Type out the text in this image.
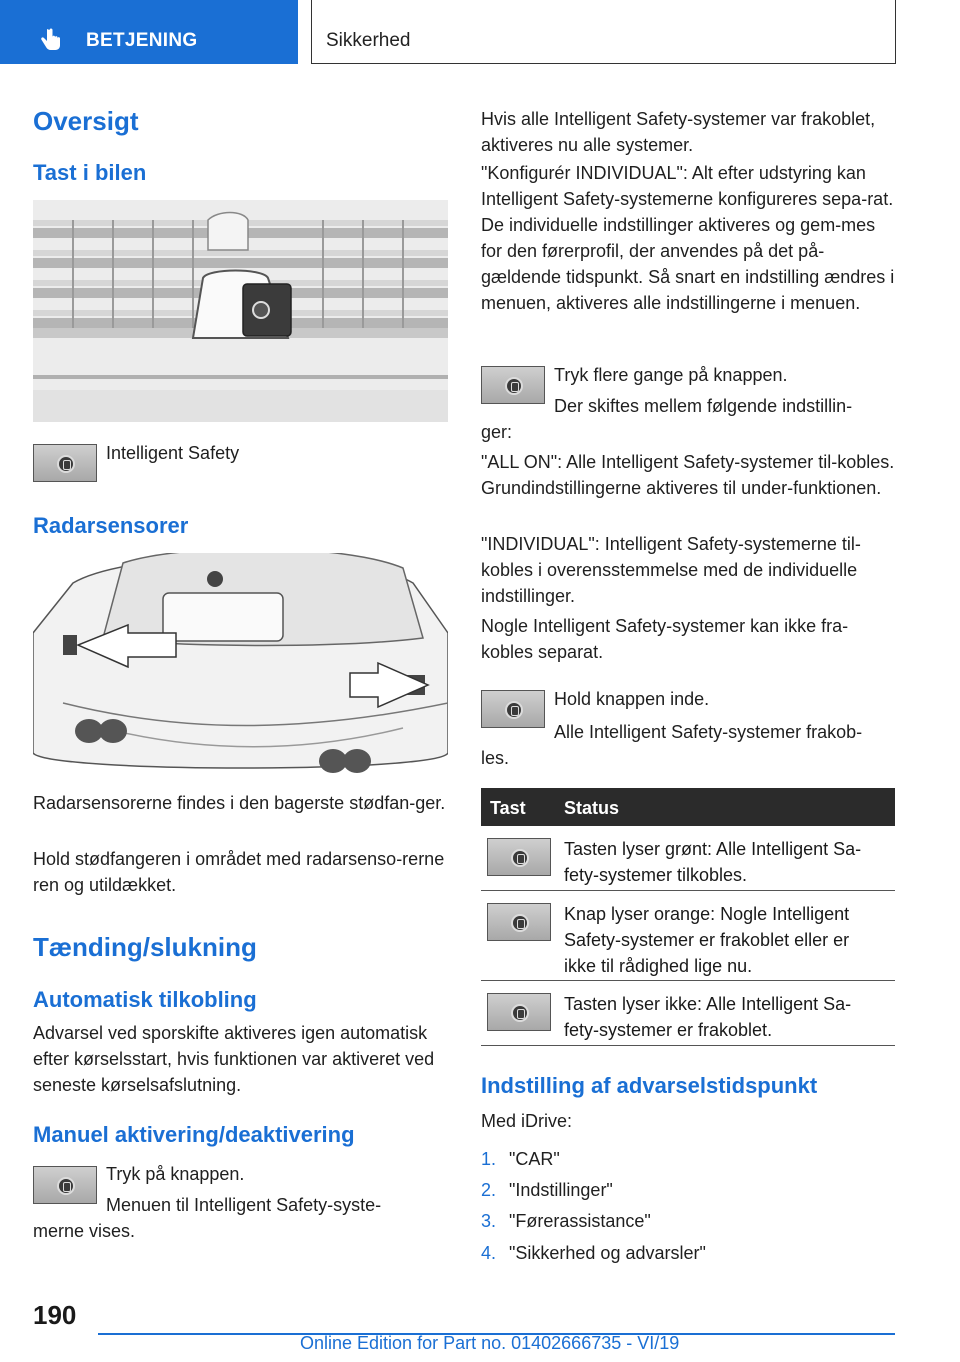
BETJENING	Sikkerhed
Oversigt
Tast i bilen
Intelligent Safety
Radarsensorer
Radarsensorerne findes i den bagerste stødfan-ger.
Hold stødfangeren i området med radarsenso-rerne ren og utildækket.
Tænding/slukning
Automatisk tilkobling
Advarsel ved sporskifte aktiveres igen automatisk efter kørselsstart, hvis funktionen var aktiveret ved seneste kørselsafslutning.
Manuel aktivering/deaktivering
Tryk på knappen.
Menuen til Intelligent Safety-syste-
merne vises.
Hvis alle Intelligent Safety-systemer var frakoblet, aktiveres nu alle systemer.
"Konfigurér INDIVIDUAL": Alt efter udstyring kan Intelligent Safety-systemerne konfigureres sepa-rat. De individuelle indstillinger aktiveres og gem-mes for den førerprofil, der anvendes på det på-gældende tidspunkt. Så snart en indstilling ændres i menuen, aktiveres alle indstillingerne i menuen.
Tryk flere gange på knappen.
Der skiftes mellem følgende indstillin-
ger:
"ALL ON": Alle Intelligent Safety-systemer til-kobles. Grundindstillingerne aktiveres til under-funktionen.
"INDIVIDUAL": Intelligent Safety-systemerne til-kobles i overensstemmelse med de individuelle indstillinger.
Nogle Intelligent Safety-systemer kan ikke fra-kobles separat.
Hold knappen inde.
Alle Intelligent Safety-systemer frakob-
les.
Tast Status
Tasten lyser grønt: Alle Intelligent Sa-fety-systemer tilkobles.
Knap lyser orange: Nogle Intelligent Safety-systemer er frakoblet eller er ikke til rådighed lige nu.
Tasten lyser ikke: Alle Intelligent Sa-fety-systemer er frakoblet.
Indstilling af advarselstidspunkt
Med iDrive:
1. "CAR"
2. "Indstillinger"
3. "Førerassistance"
4. "Sikkerhed og advarsler"
190
Online Edition for Part no. 01402666735 - VI/19
